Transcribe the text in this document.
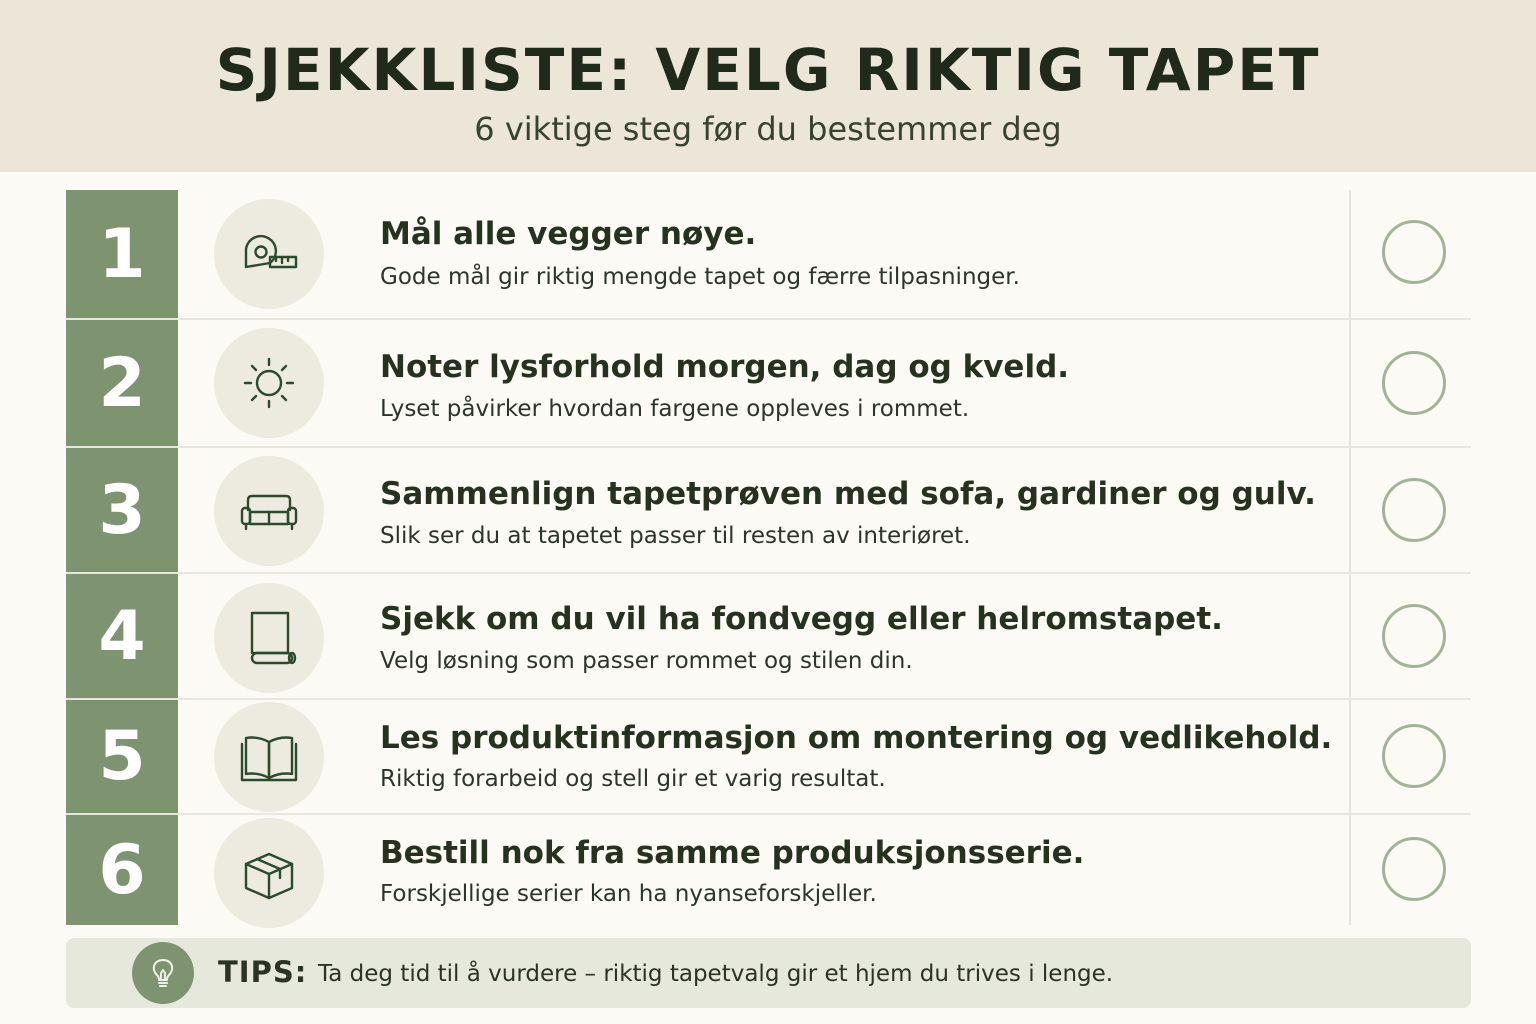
SJEKKLISTE: VELG RIKTIG TAPET
6 viktige steg før du bestemmer deg
1	Mål alle vegger nøye.
Gode mål gir riktig mengde tapet og færre tilpasninger.
2	Noter lysforhold morgen, dag og kveld.
Lyset påvirker hvordan fargene oppleves i rommet.
3	Sammenlign tapetprøven med sofa, gardiner og gulv.
Slik ser du at tapetet passer til resten av interiøret.
4	Sjekk om du vil ha fondvegg eller helromstapet.
Velg løsning som passer rommet og stilen din.
5	Les produktinformasjon om montering og vedlikehold.
Riktig forarbeid og stell gir et varig resultat.
6	Bestill nok fra samme produksjonsserie.
Forskjellige serier kan ha nyanseforskjeller.
TIPS: Ta deg tid til å vurdere – riktig tapetvalg gir et hjem du trives i lenge.
